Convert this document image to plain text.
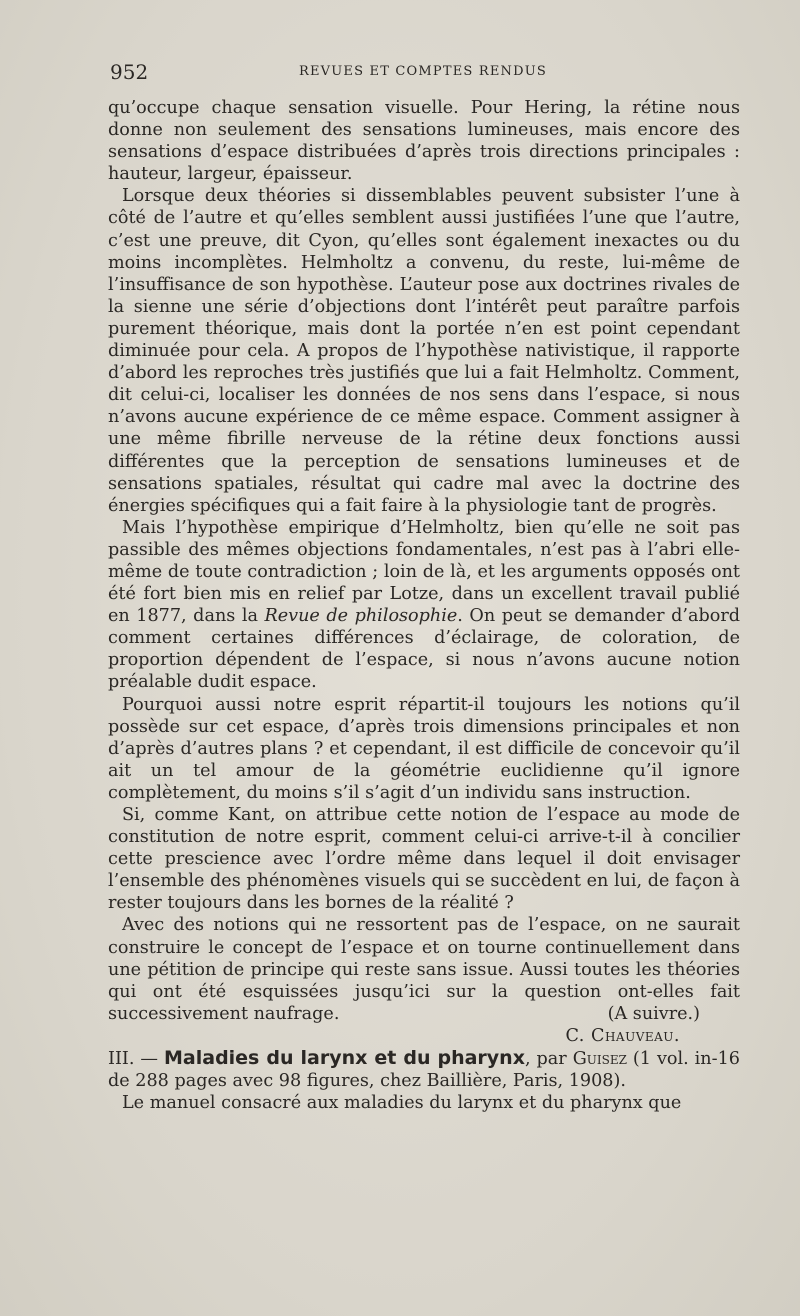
952	REVUES ET COMPTES RENDUS

qu’occupe chaque sensation visuelle. Pour Hering, la rétine nous donne non seulement des sensations lumineuses, mais encore des sensations d’espace distribuées d’après trois directions principales : hauteur, largeur, épaisseur.

Lorsque deux théories si dissemblables peuvent subsister l’une à côté de l’autre et qu’elles semblent aussi justifiées l’une que l’autre, c’est une preuve, dit Cyon, qu’elles sont également inexactes ou du moins incomplètes. Helmholtz a convenu, du reste, lui-même de l’insuffisance de son hypothèse. L’auteur pose aux doctrines rivales de la sienne une série d’objections dont l’intérêt peut paraître parfois purement théorique, mais dont la portée n’en est point cependant diminuée pour cela. A propos de l’hypothèse nativistique, il rapporte d’abord les reproches très justifiés que lui a fait Helmholtz. Comment, dit celui-ci, localiser les données de nos sens dans l’espace, si nous n’avons aucune expérience de ce même espace. Comment assigner à une même fibrille nerveuse de la rétine deux fonctions aussi différentes que la perception de sensations lumineuses et de sensations spatiales, résultat qui cadre mal avec la doctrine des énergies spécifiques qui a fait faire à la physiologie tant de progrès.

Mais l’hypothèse empirique d’Helmholtz, bien qu’elle ne soit pas passible des mêmes objections fondamentales, n’est pas à l’abri elle-même de toute contradiction ; loin de là, et les arguments opposés ont été fort bien mis en relief par Lotze, dans un excellent travail publié en 1877, dans la Revue de philosophie. On peut se demander d’abord comment certaines différences d’éclairage, de coloration, de proportion dépendent de l’espace, si nous n’avons aucune notion préalable dudit espace.

Pourquoi aussi notre esprit répartit-il toujours les notions qu’il possède sur cet espace, d’après trois dimensions principales et non d’après d’autres plans ? et cependant, il est difficile de concevoir qu’il ait un tel amour de la géométrie euclidienne qu’il ignore complètement, du moins s’il s’agit d’un individu sans instruction.

Si, comme Kant, on attribue cette notion de l’espace au mode de constitution de notre esprit, comment celui-ci arrive-t-il à concilier cette prescience avec l’ordre même dans lequel il doit envisager l’ensemble des phénomènes visuels qui se succèdent en lui, de façon à rester toujours dans les bornes de la réalité ?

Avec des notions qui ne ressortent pas de l’espace, on ne saurait construire le concept de l’espace et on tourne continuellement dans une pétition de principe qui reste sans issue. Aussi toutes les théories qui ont été esquissées jusqu’ici sur la question ont-elles fait successivement naufrage.	(A suivre.)

C. Chauveau.

III. — Maladies du larynx et du pharynx, par Guisez (1 vol. in-16 de 288 pages avec 98 figures, chez Baillière, Paris, 1908).

Le manuel consacré aux maladies du larynx et du pharynx que
